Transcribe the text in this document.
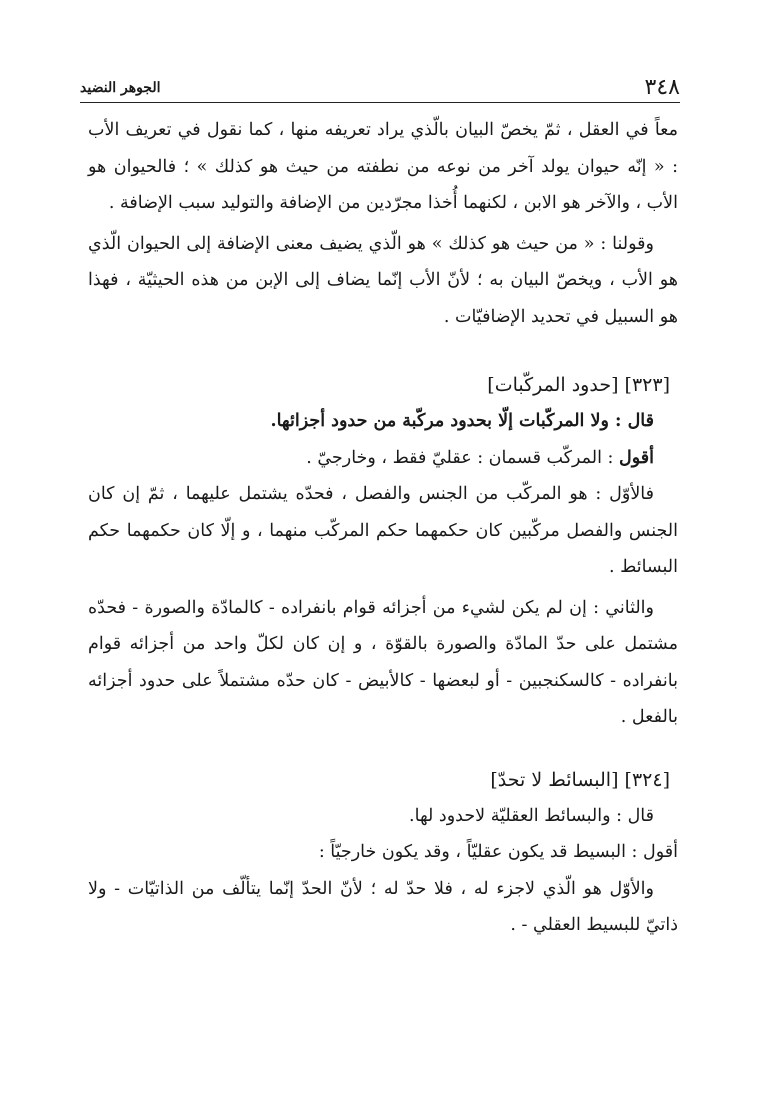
الجوهر النضيد	٣٤٨

معاً في العقل ، ثمّ يخصّ البيان بالّذي يراد تعريفه منها ، كما نقول في تعريف الأب : « إنّه حيوان يولد آخر من نوعه من نطفته من حيث هو كذلك » ؛ فالحيوان هو الأب ، والآخر هو الابن ، لكنهما أُخذا مجرّدين من الإضافة والتوليد سبب الإضافة .

وقولنا : « من حيث هو كذلك » هو الّذي يضيف معنى الإضافة إلى الحيوان الّذي هو الأب ، ويخصّ البيان به ؛ لأنّ الأب إنّما يضاف إلى الإبن من هذه الحيثيّة ، فهذا هو السبيل في تحديد الإضافيّات .

[٣٢٣] [حدود المركّبات]

قال : ولا المركّبات إلّا بحدود مركّبة من حدود أجزائها.

أقول : المركّب قسمان : عقليّ فقط ، وخارجيّ .

فالأوّل : هو المركّب من الجنس والفصل ، فحدّه يشتمل عليهما ، ثمّ إن كان الجنس والفصل مركّبين كان حكمهما حكم المركّب منهما ، و إلّا كان حكمهما حكم البسائط .

والثاني : إن لم يكن لشيء من أجزائه قوام بانفراده - كالمادّة والصورة - فحدّه مشتمل على حدّ المادّة والصورة بالقوّة ، و إن كان لكلّ واحد من أجزائه قوام بانفراده - كالسكنجبين - أو لبعضها - كالأبيض - كان حدّه مشتملاً على حدود أجزائه بالفعل .

[٣٢٤] [البسائط لا تحدّ]

قال : والبسائط العقليّة لاحدود لها.

أقول : البسيط قد يكون عقليّاً ، وقد يكون خارجيّاً :

والأوّل هو الّذي لاجزء له ، فلا حدّ له ؛ لأنّ الحدّ إنّما يتألّف من الذاتيّات - ولا ذاتيّ للبسيط العقلي - .
